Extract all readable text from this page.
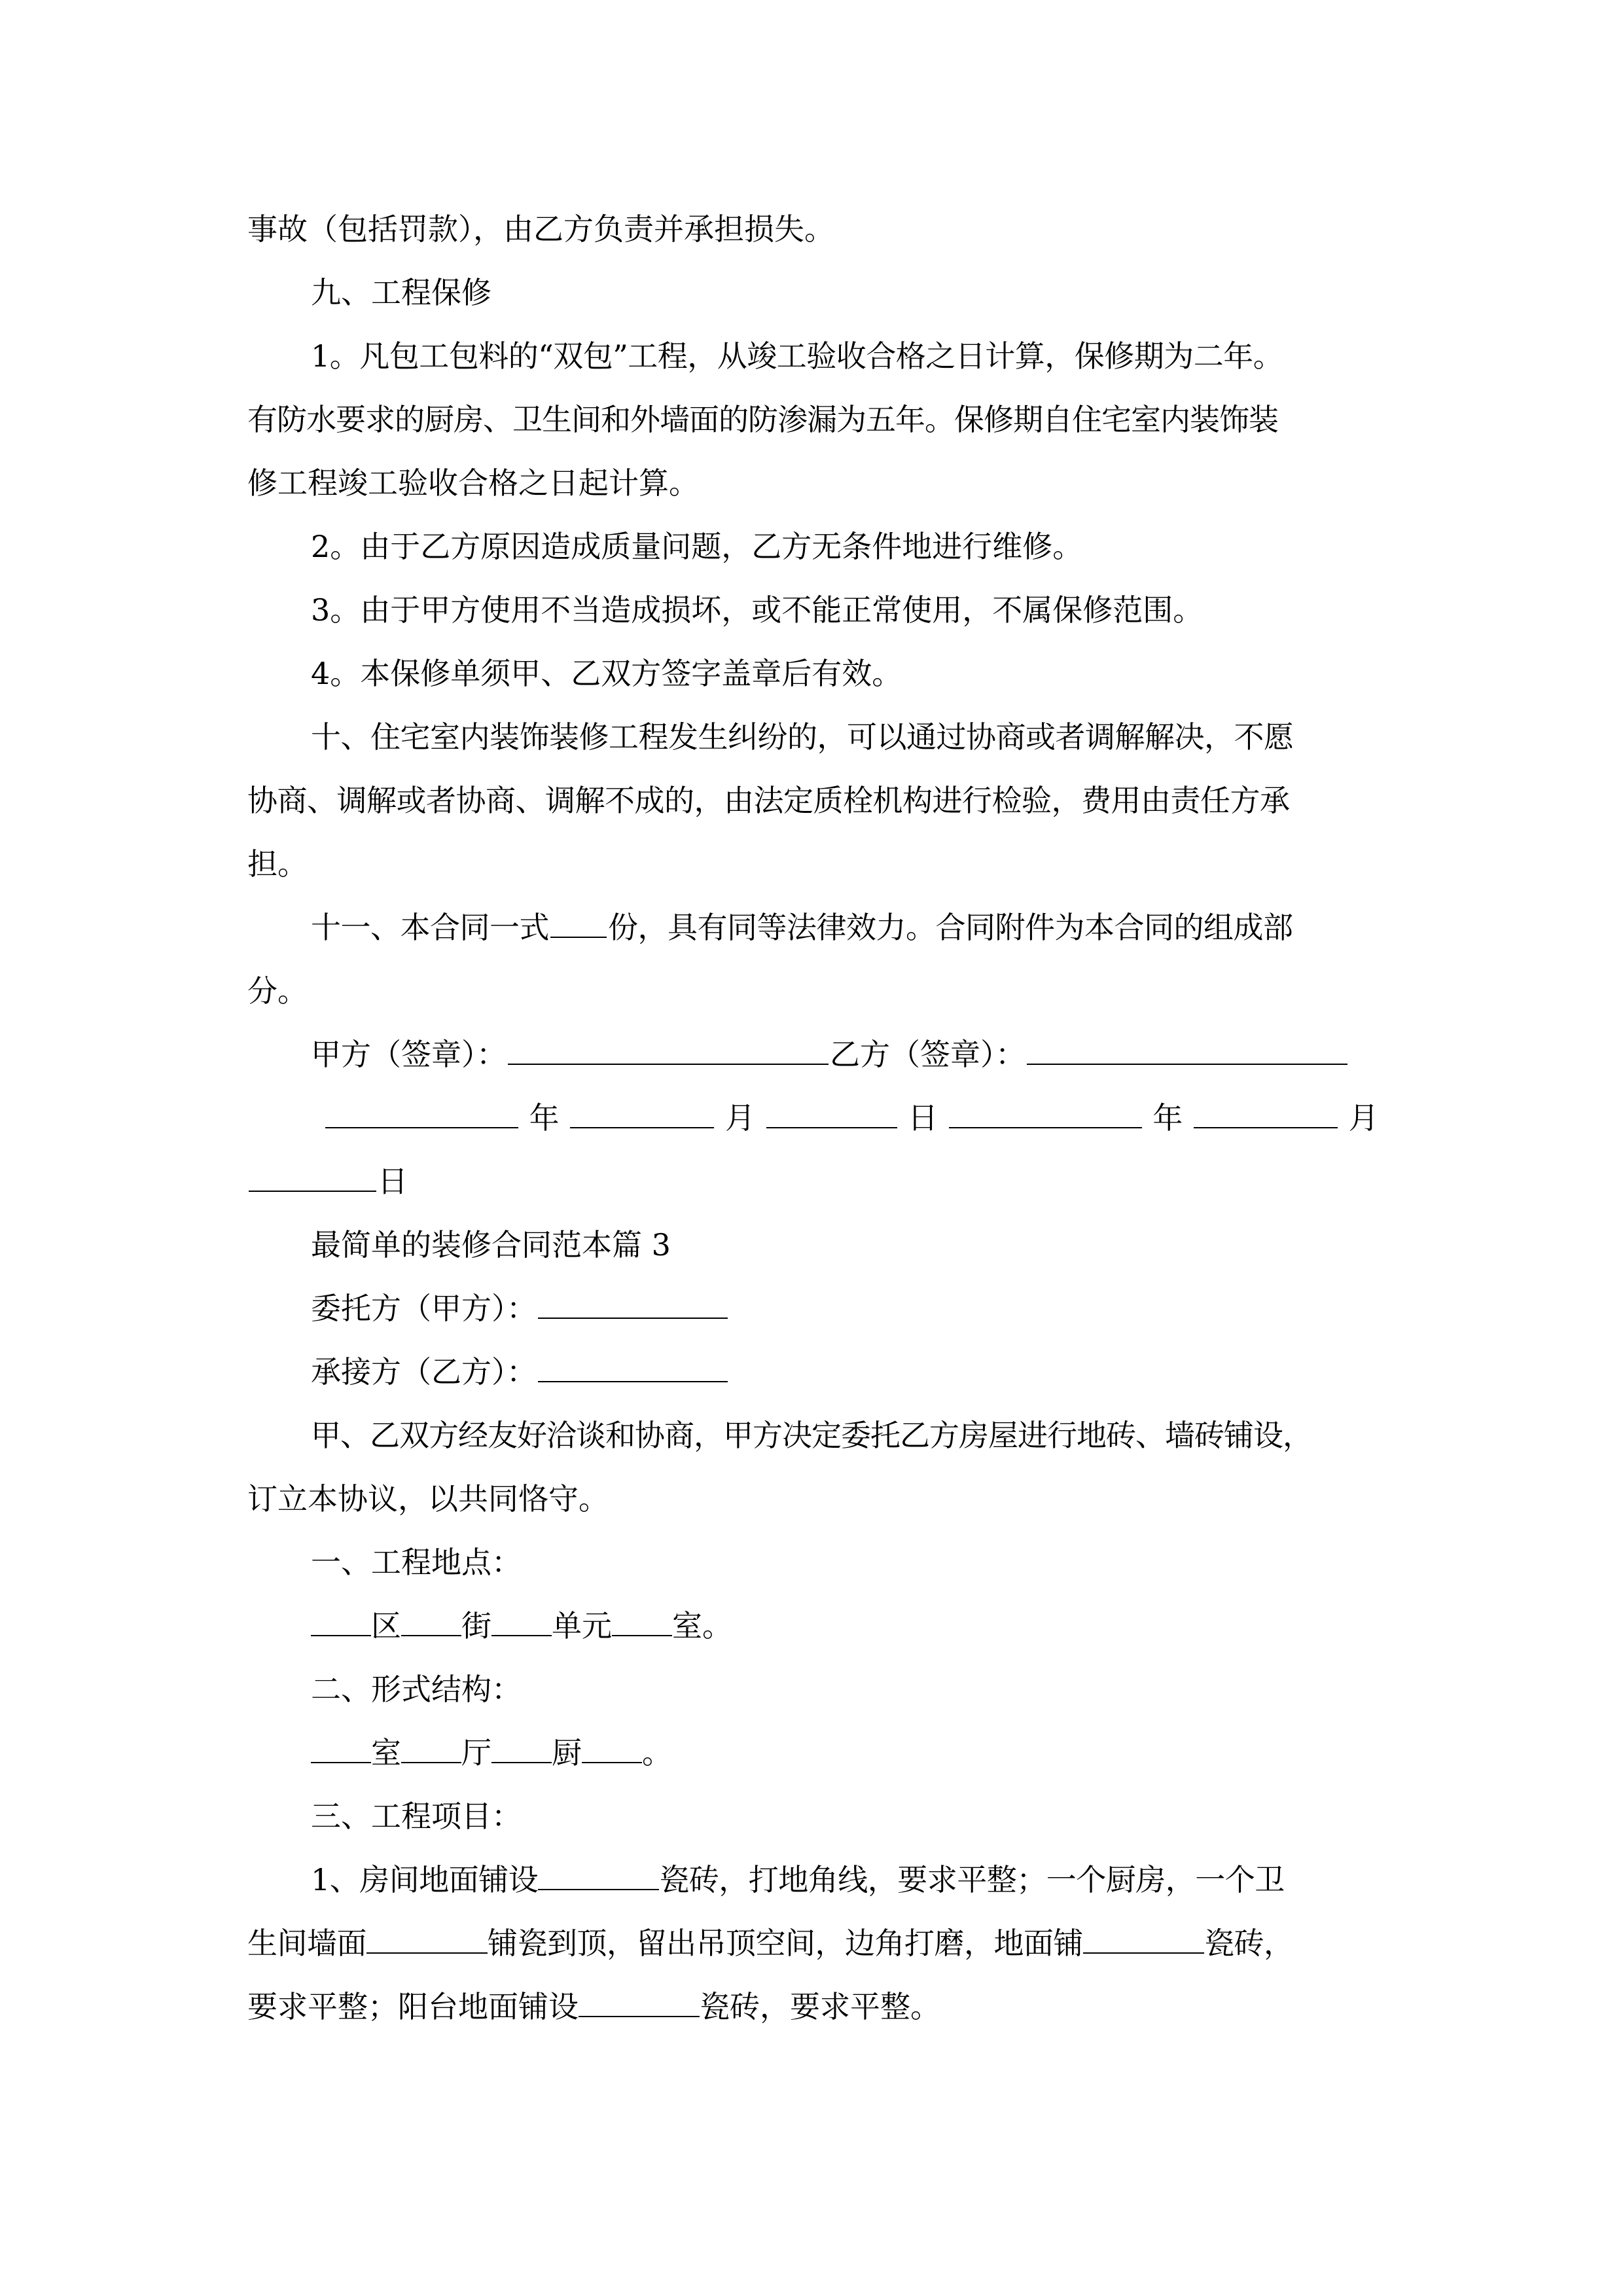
事故（包括罚款），由乙方负责并承担损失。
九、工程保修
1。凡包工包料的“双包”工程，从竣工验收合格之日计算，保修期为二年。
有防水要求的厨房、卫生间和外墙面的防渗漏为五年。保修期自住宅室内装饰装
修工程竣工验收合格之日起计算。
2。由于乙方原因造成质量问题，乙方无条件地进行维修。
3。由于甲方使用不当造成损坏，或不能正常使用，不属保修范围。
4。本保修单须甲、乙双方签字盖章后有效。
十、住宅室内装饰装修工程发生纠纷的，可以通过协商或者调解解决，不愿
协商、调解或者协商、调解不成的，由法定质栓机构进行检验，费用由责任方承
担。
十一、本合同一式 份，具有同等法律效力。合同附件为本合同的组成部
分。
甲方（签章）：	乙方（签章）：
年	月	日	年	月
日
最简单的装修合同范本篇 3
委托方（甲方）：
承接方（乙方）：
甲、乙双方经友好洽谈和协商，甲方决定委托乙方房屋进行地砖、墙砖铺设，
订立本协议，以共同恪守。
一、工程地点：
区 街 单元 室。
二、形式结构：
室 厅 厨 。
三、工程项目：
1、房间地面铺设	瓷砖，打地角线，要求平整；一个厨房，一个卫
生间墙面	铺瓷到顶，留出吊顶空间，边角打磨，地面铺	瓷砖，
要求平整；阳台地面铺设	瓷砖，要求平整。
